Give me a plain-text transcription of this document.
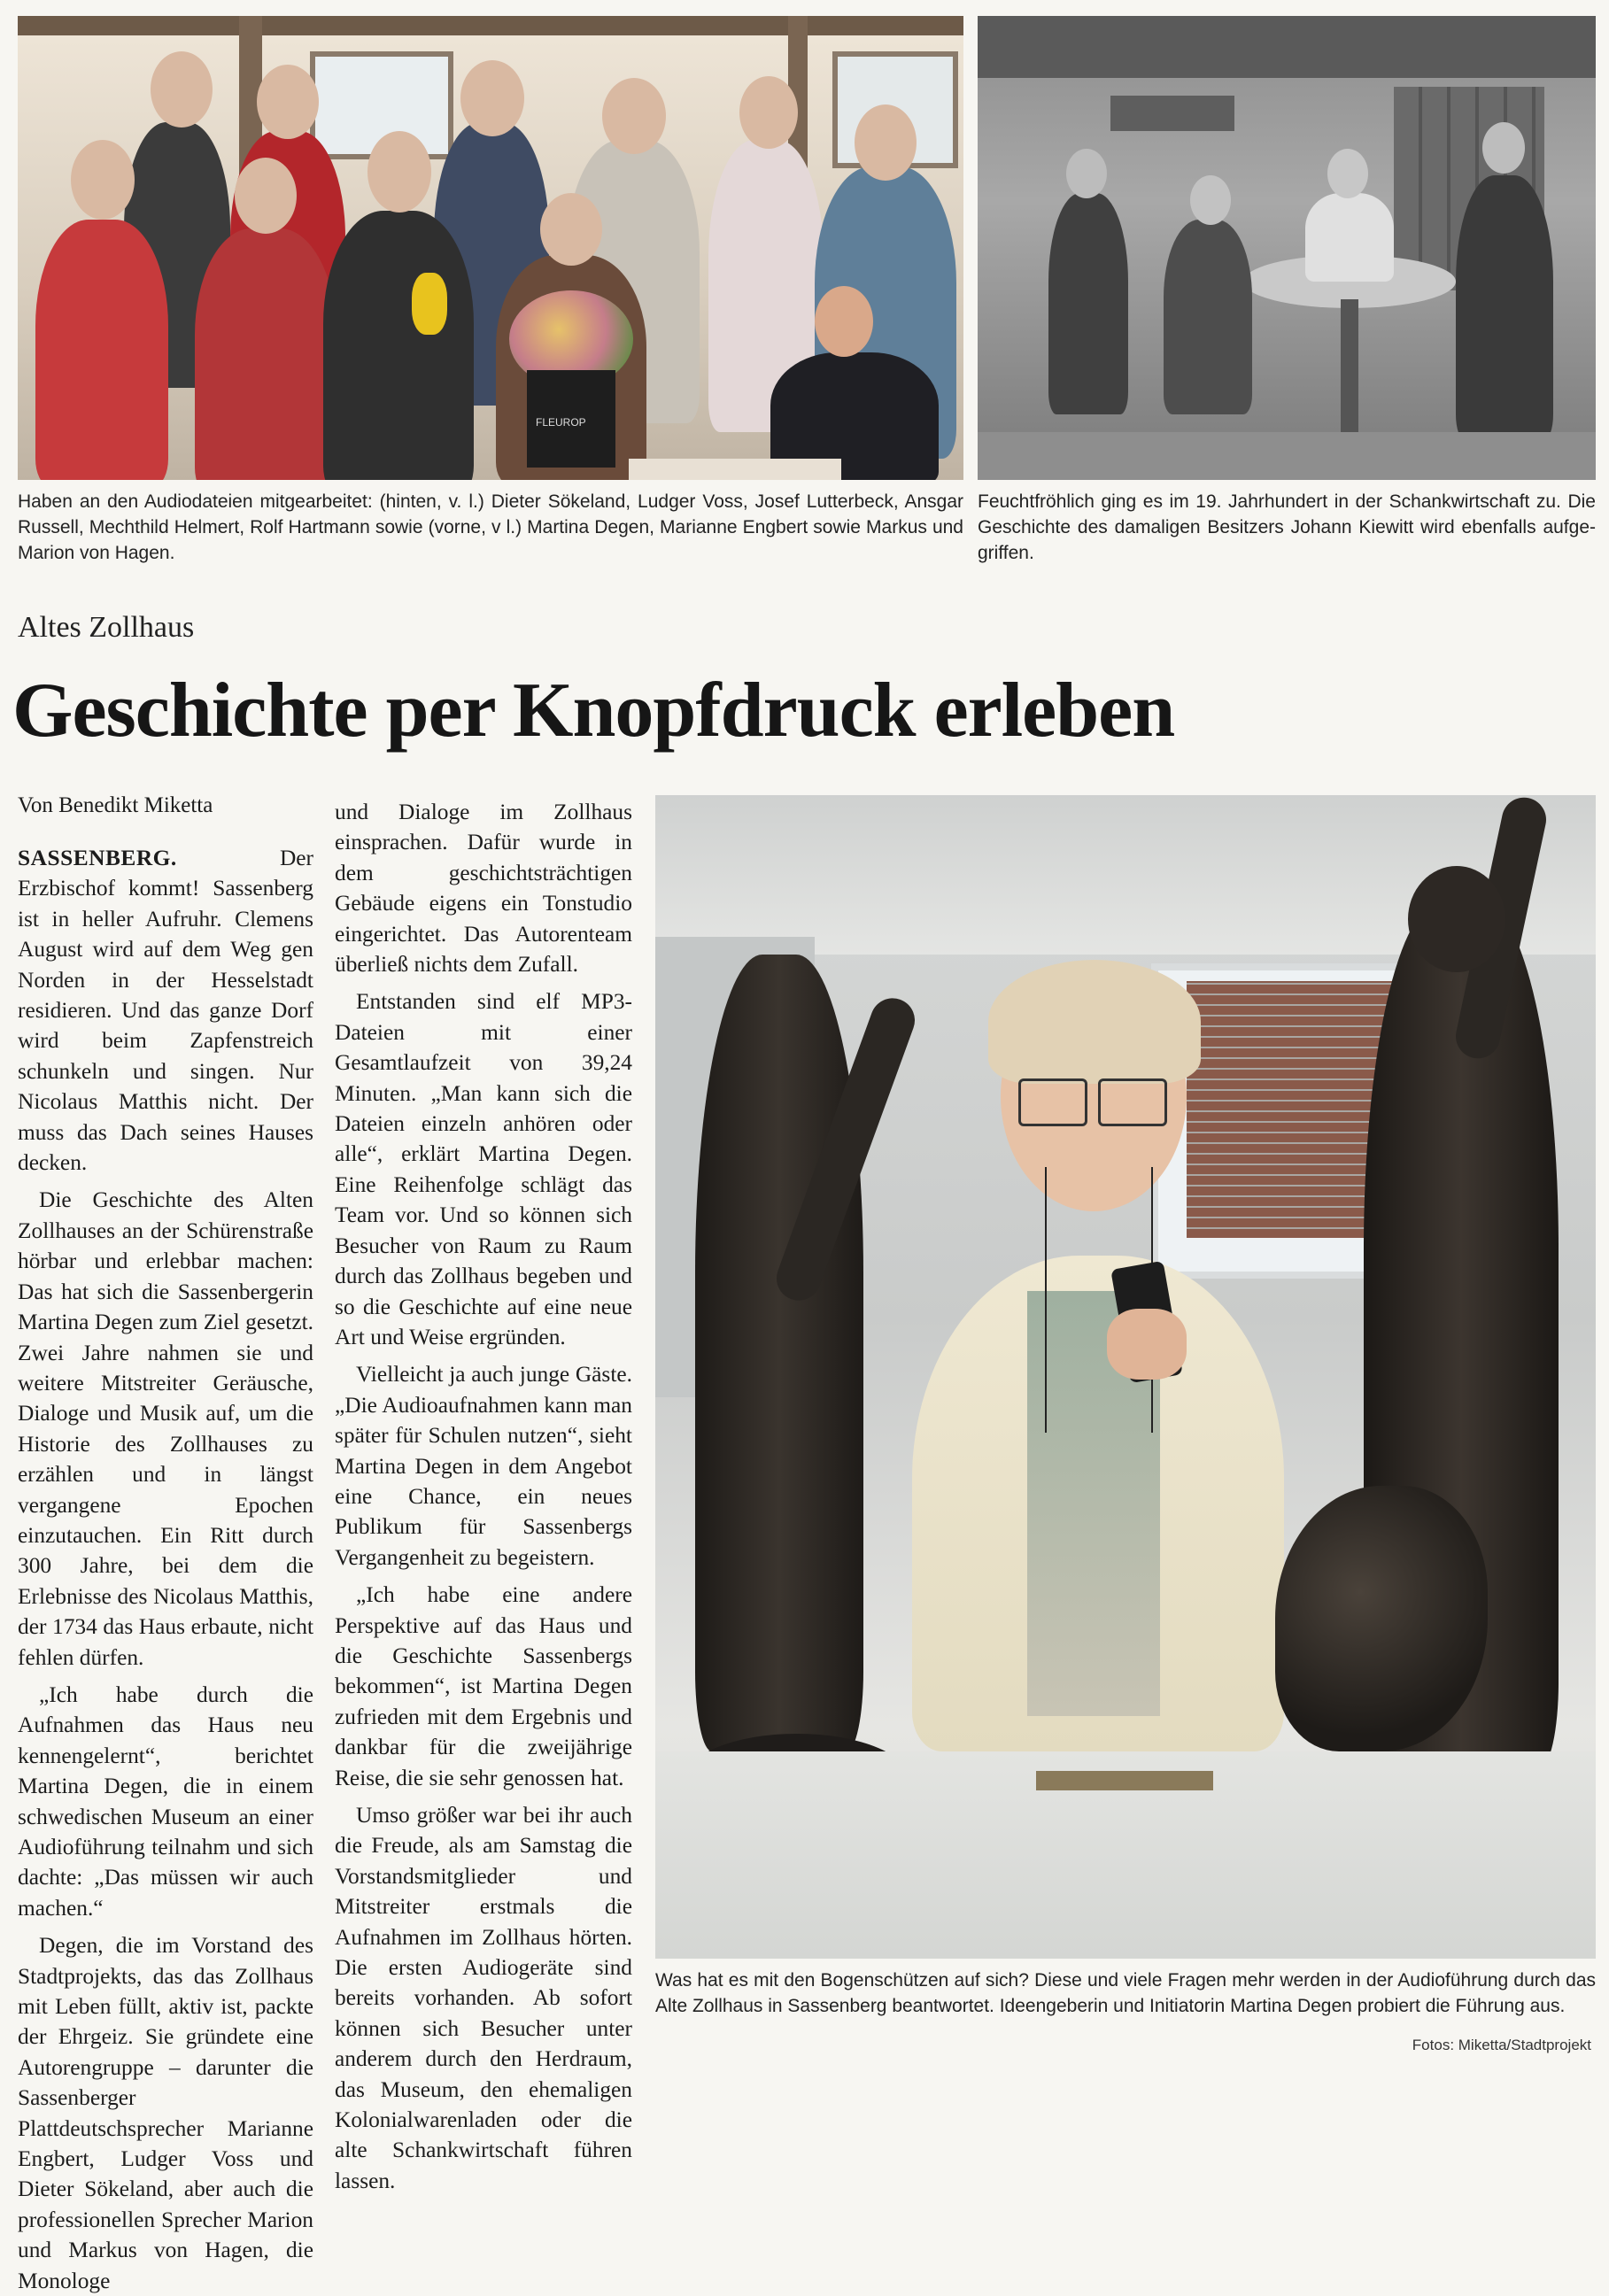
FLEUROP
Haben an den Audiodateien mitgearbeitet: (hinten, v. l.) Dieter Sökeland, Ludger Voss, Josef Lutterbeck, Ansgar Russell, Mechthild Helmert, Rolf Hartmann sowie (vorne, v l.) Martina Degen, Marianne Engbert sowie Markus und Marion von Hagen.
Feuchtfröhlich ging es im 19. Jahrhundert in der Schankwirtschaft zu. Die Geschichte des damaligen Besitzers Johann Kiewitt wird ebenfalls aufge-griffen.
Altes Zollhaus
Geschichte per Knopfdruck erleben
Von Benedikt Miketta

SASSENBERG.	Der Erzbischof kommt! Sassenberg ist in heller Aufruhr. Clemens August wird auf dem Weg gen Norden in der Hesselstadt residieren. Und das ganze Dorf wird beim Zapfenstreich schunkeln und singen. Nur Nicolaus Matthis nicht. Der muss das Dach seines Hauses decken.

Die Geschichte des Alten Zollhauses an der Schürenstraße hörbar und erlebbar machen: Das hat sich die Sassenbergerin Martina Degen zum Ziel gesetzt. Zwei Jahre nahmen sie und weitere Mitstreiter Geräusche, Dialoge und Musik auf, um die Historie des Zollhauses zu erzählen und in längst vergangene Epochen einzutauchen. Ein Ritt durch 300 Jahre, bei dem die Erlebnisse des Nicolaus Matthis, der 1734 das Haus erbaute, nicht fehlen dürfen.

„Ich habe durch die Aufnahmen das Haus neu kennengelernt“, berichtet Martina Degen, die in einem schwedischen Museum an einer Audioführung teilnahm und sich dachte: „Das müssen wir auch machen.“

Degen, die im Vorstand des Stadtprojekts, das das Zollhaus mit Leben füllt, aktiv ist, packte der Ehrgeiz. Sie gründete eine Autorengruppe – darunter die Sassenberger Plattdeutschsprecher Marianne Engbert, Ludger Voss und Dieter Sökeland, aber auch die professionellen Sprecher Marion und Markus von Hagen, die Monologe

und Dialoge im Zollhaus einsprachen. Dafür wurde in dem geschichtsträchtigen Gebäude eigens ein Tonstudio eingerichtet. Das Autorenteam überließ nichts dem Zufall.

Entstanden sind elf MP3-Dateien mit einer Gesamtlaufzeit von 39,24 Minuten. „Man kann sich die Dateien einzeln anhören oder alle“, erklärt Martina Degen. Eine Reihenfolge schlägt das Team vor. Und so können sich Besucher von Raum zu Raum durch das Zollhaus begeben und so die Geschichte auf eine neue Art und Weise ergründen.

Vielleicht ja auch junge Gäste. „Die Audioaufnahmen kann man später für Schulen nutzen“, sieht Martina Degen in dem Angebot eine Chance, ein neues Publikum für Sassenbergs Vergangenheit zu begeistern.

„Ich habe eine andere Perspektive auf das Haus und die Geschichte Sassenbergs bekommen“, ist Martina Degen zufrieden mit dem Ergebnis und dankbar für die zweijährige Reise, die sie sehr genossen hat.

Umso größer war bei ihr auch die Freude, als am Samstag die Vorstandsmitglieder und Mitstreiter erstmals die Aufnahmen im Zollhaus hörten. Die ersten Audiogeräte sind bereits vorhanden. Ab sofort können sich Besucher unter anderem durch den Herdraum, das Museum, den ehemaligen Kolonialwarenladen oder die alte Schankwirtschaft führen lassen.

Was hat es mit den Bogenschützen auf sich? Diese und viele Fragen mehr werden in der Audioführung durch das Alte Zollhaus in Sassenberg beantwortet. Ideengeberin und Initiatorin Martina Degen probiert die Führung aus.
Fotos: Miketta/Stadtprojekt
